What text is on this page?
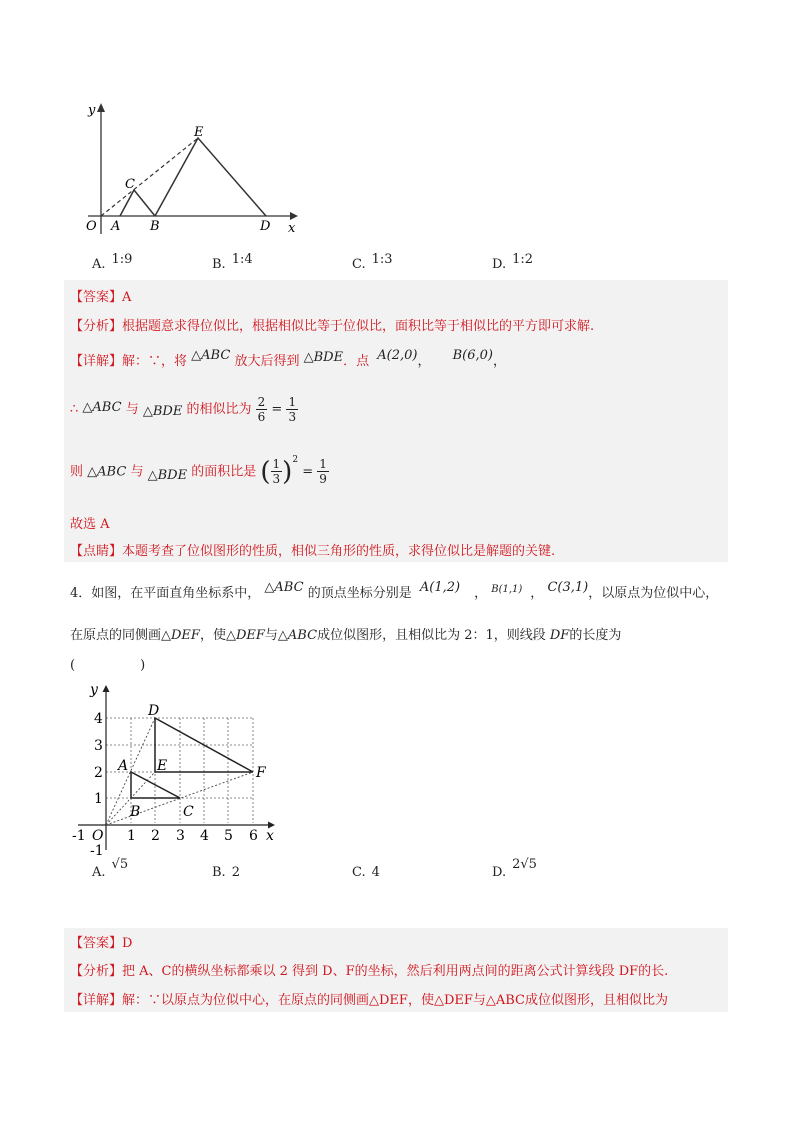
y
x
O A B
C
D
E
A. 1:9	B. 1:4	C. 1:3	D. 1:2
【答案】A
【分析】根据题意求得位似比，根据相似比等于位似比，面积比等于相似比的平方即可求解.
【详解】解：∵，将 △ABC 放大后得到 △BDE．点 A(2,0)， B(6,0)，
∴ △ABC 与 △BDE 的相似比为 $\frac{2}{6} = \frac{1}{3}$
则 △ABC 与 △BDE 的面积比是 ( $\frac{1}{3} )^2 = \frac{1}{9}$
故选 A
【点睛】本题考查了位似图形的性质，相似三角形的性质，求得位似比是解题的关键.
4．如图，在平面直角坐标系中， △ABC 的顶点坐标分别是 A(1,2) ， $^{B(1,1)}$ ， C(3,1)，以原点为位似中心，
在原点的同侧画△DEF，使△DEF与△ABC成位似图形，且相似比为 2：1，则线段 DF的长度为
(　　　　　)
4
3
2
1
-1
-1 O 1 2 3 4 5 6 x
y
A
B	C
D
E	F
A.√5
B. 2	C. 4	D.2√5
【答案】D
【分析】把 A、C的横纵坐标都乘以 2 得到 D、F的坐标，然后利用两点间的距离公式计算线段 DF的长.
【详解】解：∵以原点为位似中心，在原点的同侧画△DEF，使△DEF与△ABC成位似图形，且相似比为
